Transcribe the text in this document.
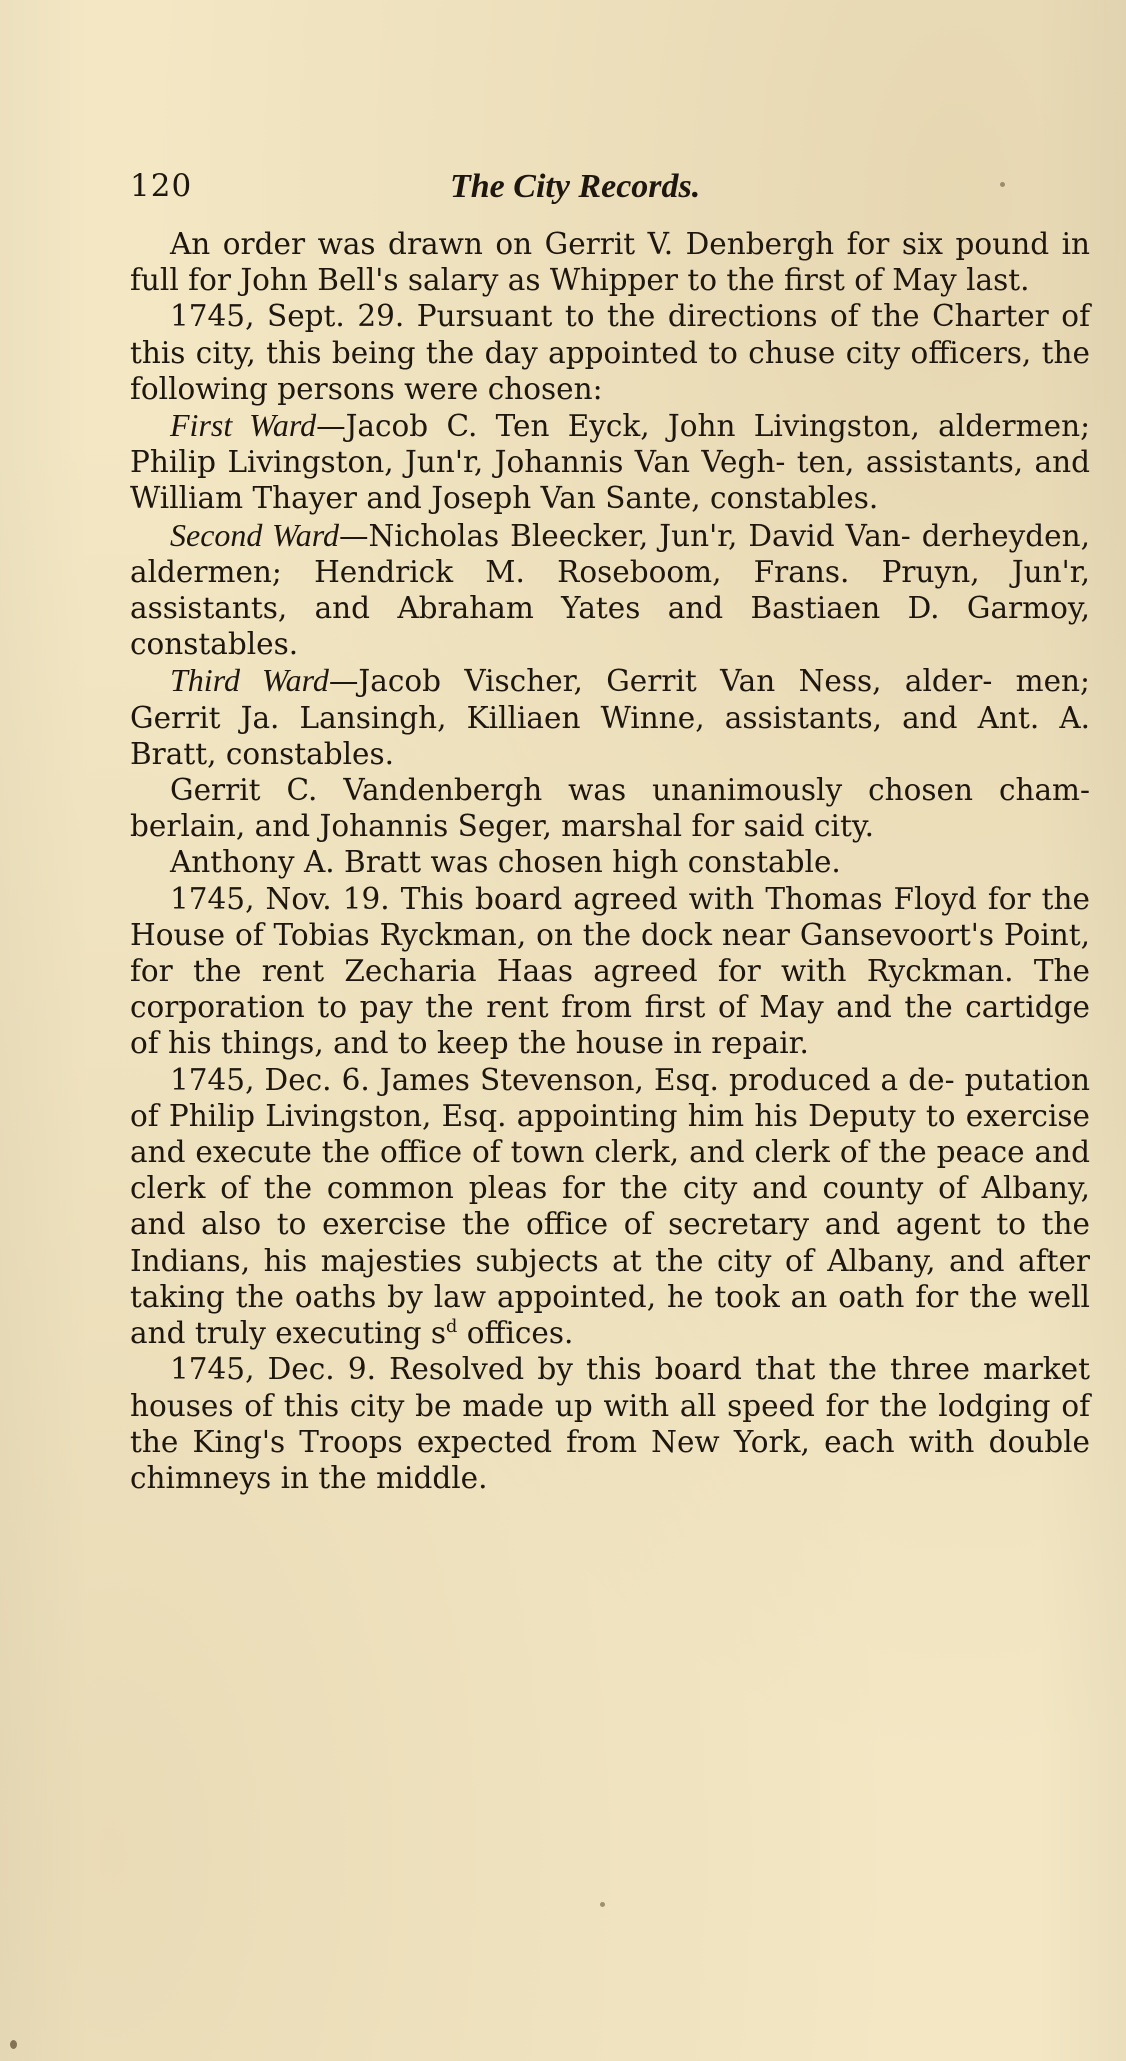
120	The City Records.

An order was drawn on Gerrit V. Denbergh for six pound in full for John Bell's salary as Whipper to the first of May last.

1745, Sept. 29. Pursuant to the directions of the Charter of this city, this being the day appointed to chuse city officers, the following persons were chosen:

First Ward—Jacob C. Ten Eyck, John Livingston, aldermen; Philip Livingston, Jun'r, Johannis Van Vegh- ten, assistants, and William Thayer and Joseph Van Sante, constables.

Second Ward—Nicholas Bleecker, Jun'r, David Van- derheyden, aldermen; Hendrick M. Roseboom, Frans. Pruyn, Jun'r, assistants, and Abraham Yates and Bastiaen D. Garmoy, constables.

Third Ward—Jacob Vischer, Gerrit Van Ness, alder- men; Gerrit Ja. Lansingh, Killiaen Winne, assistants, and Ant. A. Bratt, constables.

Gerrit C. Vandenbergh was unanimously chosen cham- berlain, and Johannis Seger, marshal for said city.

Anthony A. Bratt was chosen high constable.

1745, Nov. 19. This board agreed with Thomas Floyd for the House of Tobias Ryckman, on the dock near Gansevoort's Point, for the rent Zecharia Haas agreed for with Ryckman. The corporation to pay the rent from first of May and the cartidge of his things, and to keep the house in repair.

1745, Dec. 6. James Stevenson, Esq. produced a de- putation of Philip Livingston, Esq. appointing him his Deputy to exercise and execute the office of town clerk, and clerk of the peace and clerk of the common pleas for the city and county of Albany, and also to exercise the office of secretary and agent to the Indians, his majesties subjects at the city of Albany, and after taking the oaths by law appointed, he took an oath for the well and truly executing $s^d$ offices.

1745, Dec. 9. Resolved by this board that the three market houses of this city be made up with all speed for the lodging of the King's Troops expected from New York, each with double chimneys in the middle.
